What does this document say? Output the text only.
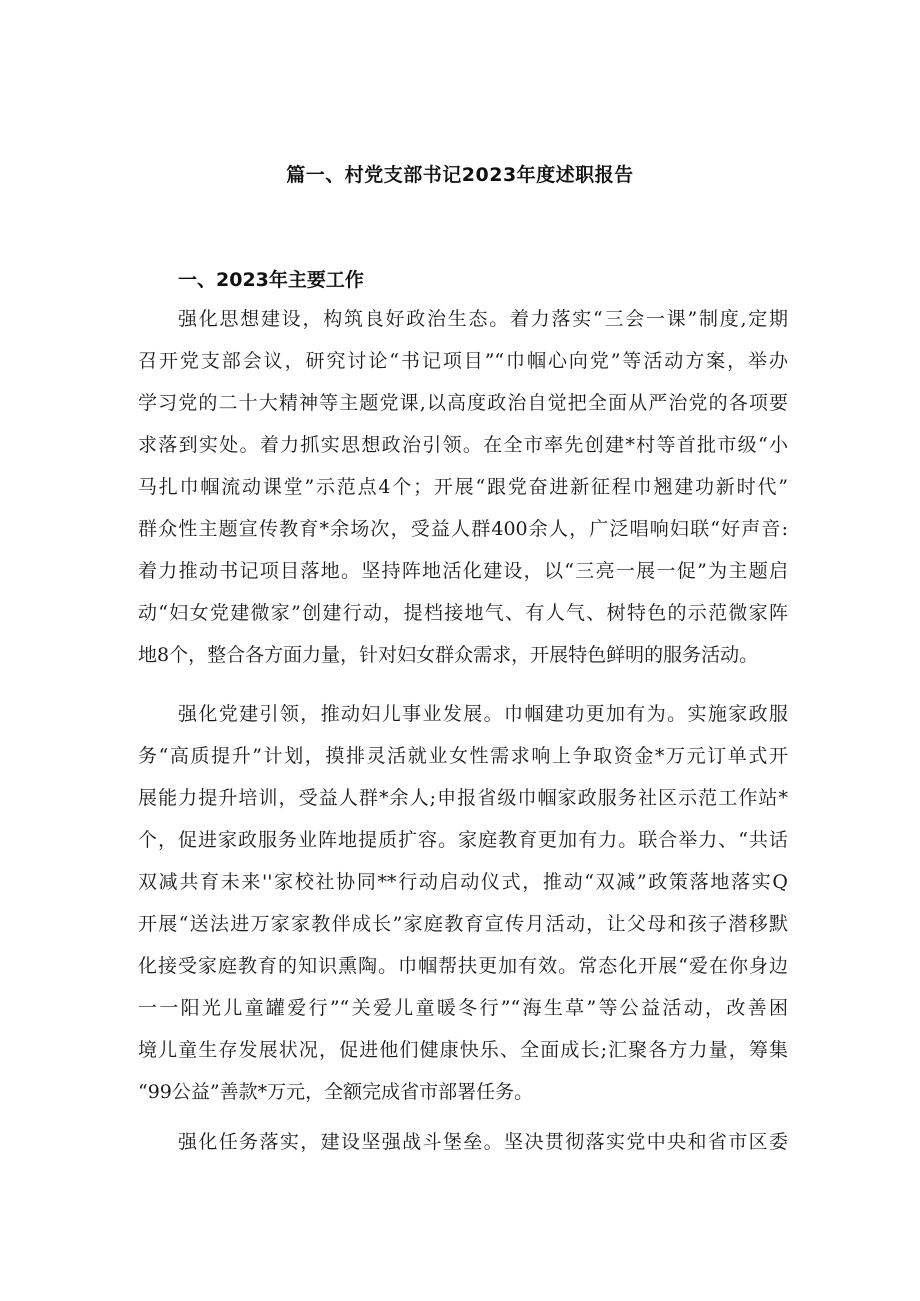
篇一、村党支部书记2023年度述职报告
一、2023年主要工作
强化思想建设，构筑良好政治生态。着力落实“三会一课”制度,定期
召开党支部会议，研究讨论“书记项目”“巾帼心向党”等活动方案，举办
学习党的二十大精神等主题党课,以高度政治自觉把全面从严治党的各项要
求落到实处。着力抓实思想政治引领。在全市率先创建*村等首批市级“小
马扎巾帼流动课堂”示范点4个；开展“跟党奋进新征程巾翘建功新时代”
群众性主题宣传教育*余场次，受益人群400余人，广泛唱响妇联“好声音:
着力推动书记项目落地。坚持阵地活化建设，以“三亮一展一促”为主题启
动“妇女党建微家”创建行动，提档接地气、有人气、树特色的示范微家阵
地8个，整合各方面力量，针对妇女群众需求，开展特色鲜明的服务活动。
强化党建引领，推动妇儿事业发展。巾帼建功更加有为。实施家政服
务“高质提升”计划，摸排灵活就业女性需求响上争取资金*万元订单式开
展能力提升培训，受益人群*余人;申报省级巾帼家政服务社区示范工作站*
个，促进家政服务业阵地提质扩容。家庭教育更加有力。联合举力、“共话
双减共育未来''家校社协同**行动启动仪式，推动“双减”政策落地落实Q
开展“送法进万家家教伴成长”家庭教育宣传月活动，让父母和孩子潜移默
化接受家庭教育的知识熏陶。巾帼帮扶更加有效。常态化开展“爱在你身边
一一阳光儿童罐爱行”“关爱儿童暖冬行”“海生草”等公益活动，改善困
境儿童生存发展状况，促进他们健康快乐、全面成长;汇聚各方力量，筹集
“99公益”善款*万元，全额完成省市部署任务。
强化任务落实，建设坚强战斗堡垒。坚决贯彻落实党中央和省市区委
